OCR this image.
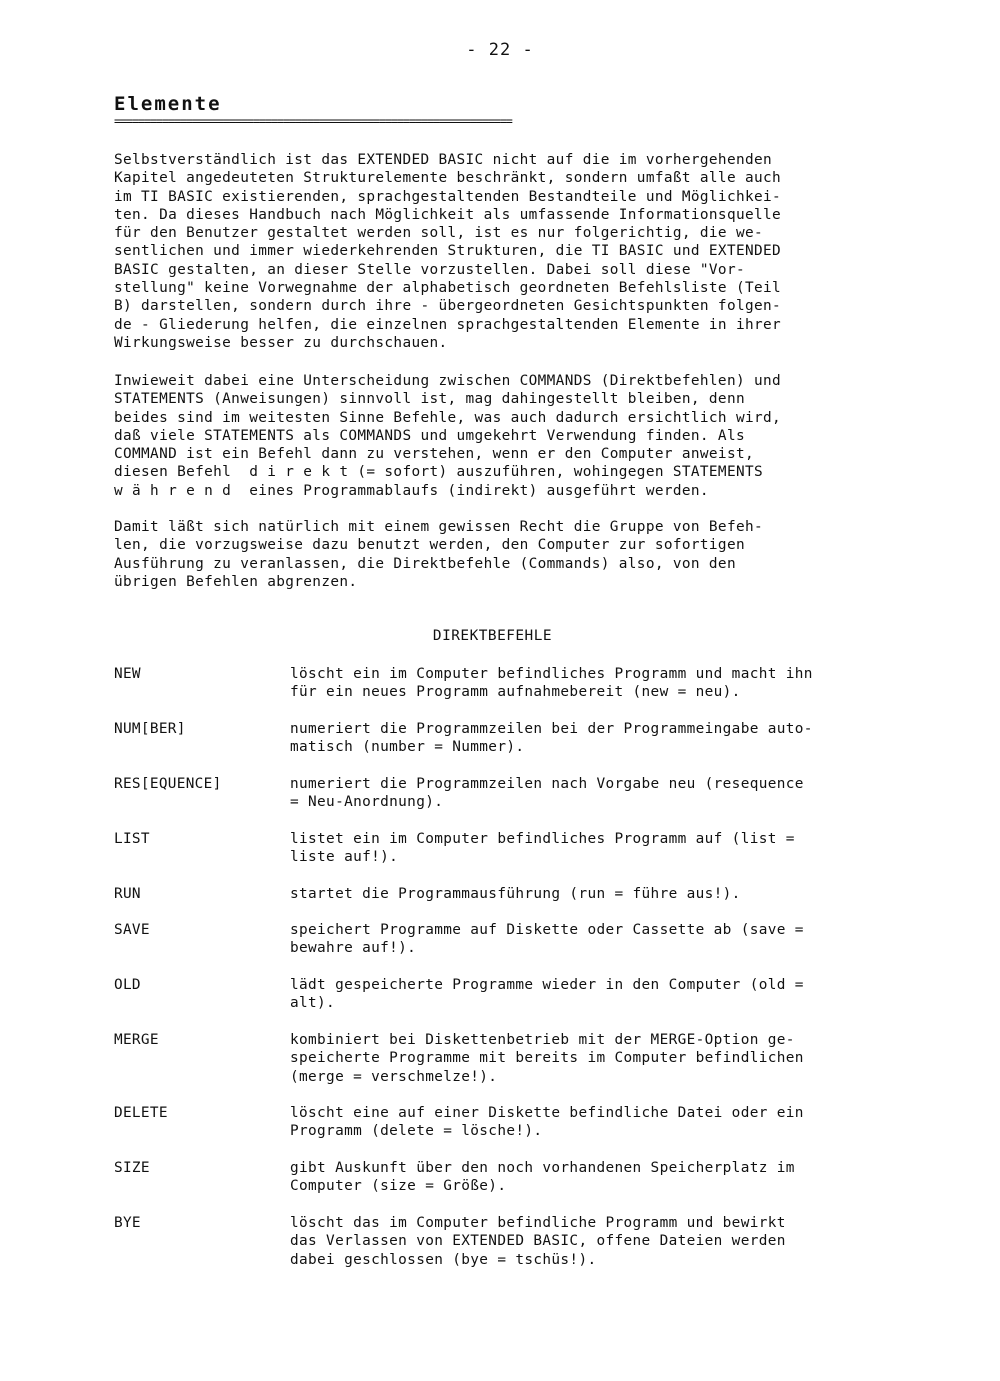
- 22 -
Elemente
==================================================================

Selbstverständlich ist das EXTENDED BASIC nicht auf die im vorhergehenden
Kapitel angedeuteten Strukturelemente beschränkt, sondern umfaßt alle auch
im TI BASIC existierenden, sprachgestaltenden Bestandteile und Möglichkei-
ten. Da dieses Handbuch nach Möglichkeit als umfassende Informationsquelle
für den Benutzer gestaltet werden soll, ist es nur folgerichtig, die we-
sentlichen und immer wiederkehrenden Strukturen, die TI BASIC und EXTENDED
BASIC gestalten, an dieser Stelle vorzustellen. Dabei soll diese "Vor-
stellung" keine Vorwegnahme der alphabetisch geordneten Befehlsliste (Teil
B) darstellen, sondern durch ihre - übergeordneten Gesichtspunkten folgen-
de - Gliederung helfen, die einzelnen sprachgestaltenden Elemente in ihrer
Wirkungsweise besser zu durchschauen.

Inwieweit dabei eine Unterscheidung zwischen COMMANDS (Direktbefehlen) und
STATEMENTS (Anweisungen) sinnvoll ist, mag dahingestellt bleiben, denn
beides sind im weitesten Sinne Befehle, was auch dadurch ersichtlich wird,
daß viele STATEMENTS als COMMANDS und umgekehrt Verwendung finden. Als
COMMAND ist ein Befehl dann zu verstehen, wenn er den Computer anweist,
diesen Befehl  d i r e k t (= sofort) auszuführen, wohingegen STATEMENTS
w ä h r e n d  eines Programmablaufs (indirekt) ausgeführt werden.

Damit läßt sich natürlich mit einem gewissen Recht die Gruppe von Befeh-
len, die vorzugsweise dazu benutzt werden, den Computer zur sofortigen
Ausführung zu veranlassen, die Direktbefehle (Commands) also, von den
übrigen Befehlen abgrenzen.

DIREKTBEFEHLE
NEW	löscht ein im Computer befindliches Programm und macht ihn
für ein neues Programm aufnahmebereit (new = neu).

NUM[BER]	numeriert die Programmzeilen bei der Programmeingabe auto-
matisch (number = Nummer).

RES[EQUENCE]	numeriert die Programmzeilen nach Vorgabe neu (resequence
= Neu-Anordnung).

LIST	listet ein im Computer befindliches Programm auf (list =
liste auf!).

RUN	startet die Programmausführung (run = führe aus!).

SAVE	speichert Programme auf Diskette oder Cassette ab (save =
bewahre auf!).

OLD	lädt gespeicherte Programme wieder in den Computer (old =
alt).

MERGE	kombiniert bei Diskettenbetrieb mit der MERGE-Option ge-
speicherte Programme mit bereits im Computer befindlichen
(merge = verschmelze!).

DELETE	löscht eine auf einer Diskette befindliche Datei oder ein
Programm (delete = lösche!).

SIZE	gibt Auskunft über den noch vorhandenen Speicherplatz im
Computer (size = Größe).

BYE	löscht das im Computer befindliche Programm und bewirkt
das Verlassen von EXTENDED BASIC, offene Dateien werden
dabei geschlossen (bye = tschüs!).
